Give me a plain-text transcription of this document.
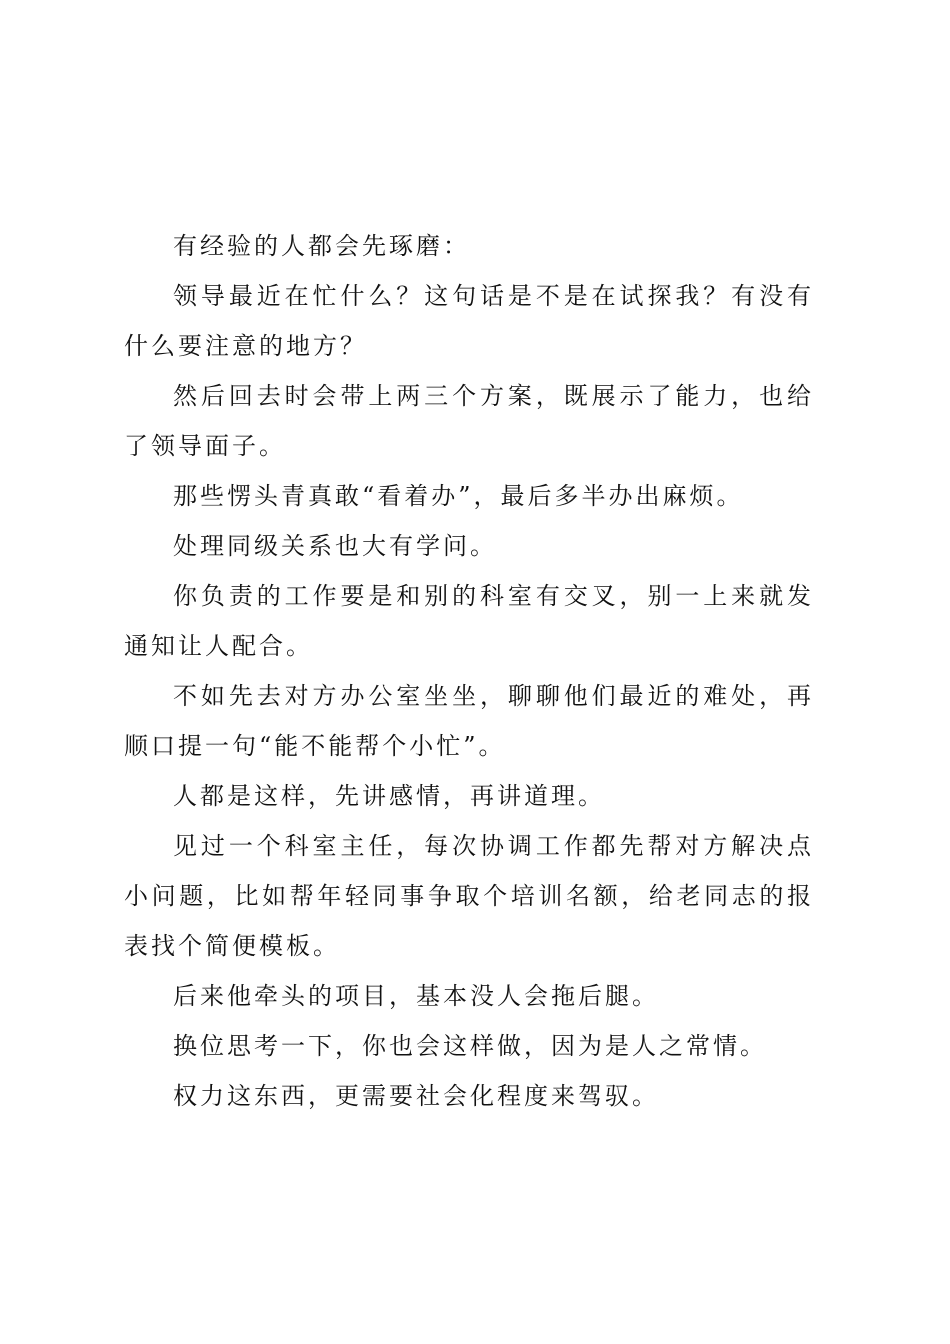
有经验的人都会先琢磨：

领导最近在忙什么？这句话是不是在试探我？有没有什么要注意的地方？

然后回去时会带上两三个方案，既展示了能力，也给了领导面子。

那些愣头青真敢“看着办”，最后多半办出麻烦。

处理同级关系也大有学问。

你负责的工作要是和别的科室有交叉，别一上来就发通知让人配合。

不如先去对方办公室坐坐，聊聊他们最近的难处，再顺口提一句“能不能帮个小忙”。

人都是这样，先讲感情，再讲道理。

见过一个科室主任，每次协调工作都先帮对方解决点小问题，比如帮年轻同事争取个培训名额，给老同志的报表找个简便模板。

后来他牵头的项目，基本没人会拖后腿。

换位思考一下，你也会这样做，因为是人之常情。

权力这东西，更需要社会化程度来驾驭。
